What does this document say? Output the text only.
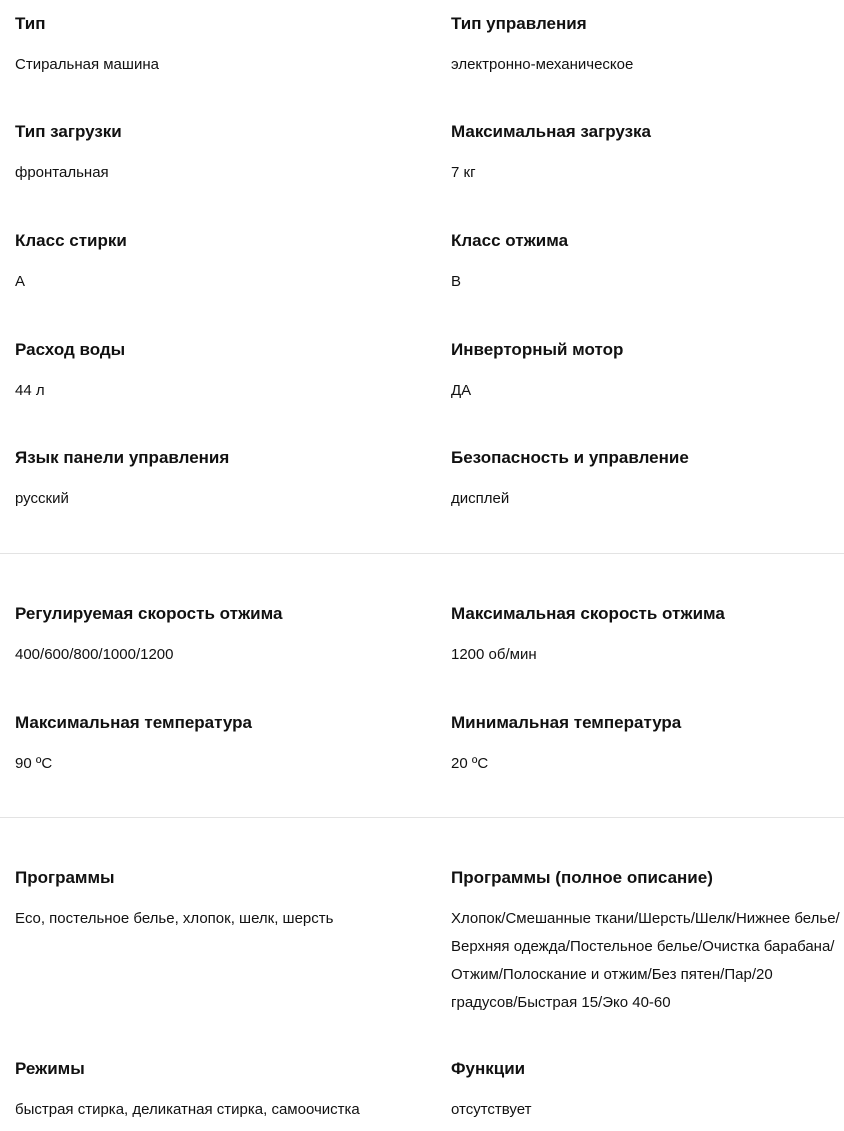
Тип
Стиральная машина
Тип управления
электронно-механическое
Тип загрузки
фронтальная
Максимальная загрузка
7 кг
Класс стирки
A
Класс отжима
B
Расход воды
44 л
Инверторный мотор
ДА
Язык панели управления
русский
Безопасность и управление
дисплей
Регулируемая скорость отжима
400/600/800/1000/1200
Максимальная скорость отжима
1200 об/мин
Максимальная температура
90 ºC
Минимальная температура
20 ºC
Программы
Eco, постельное белье, хлопок, шелк, шерсть
Программы (полное описание)
Хлопок/Смешанные ткани/Шерсть/Шелк/Нижнее белье/Верхняя одежда/Постельное белье/Очистка барабана/Отжим/Полоскание и отжим/Без пятен/Пар/20 градусов/Быстрая 15/Эко 40-60
Режимы
быстрая стирка, деликатная стирка, самоочистка
Функции
отсутствует
